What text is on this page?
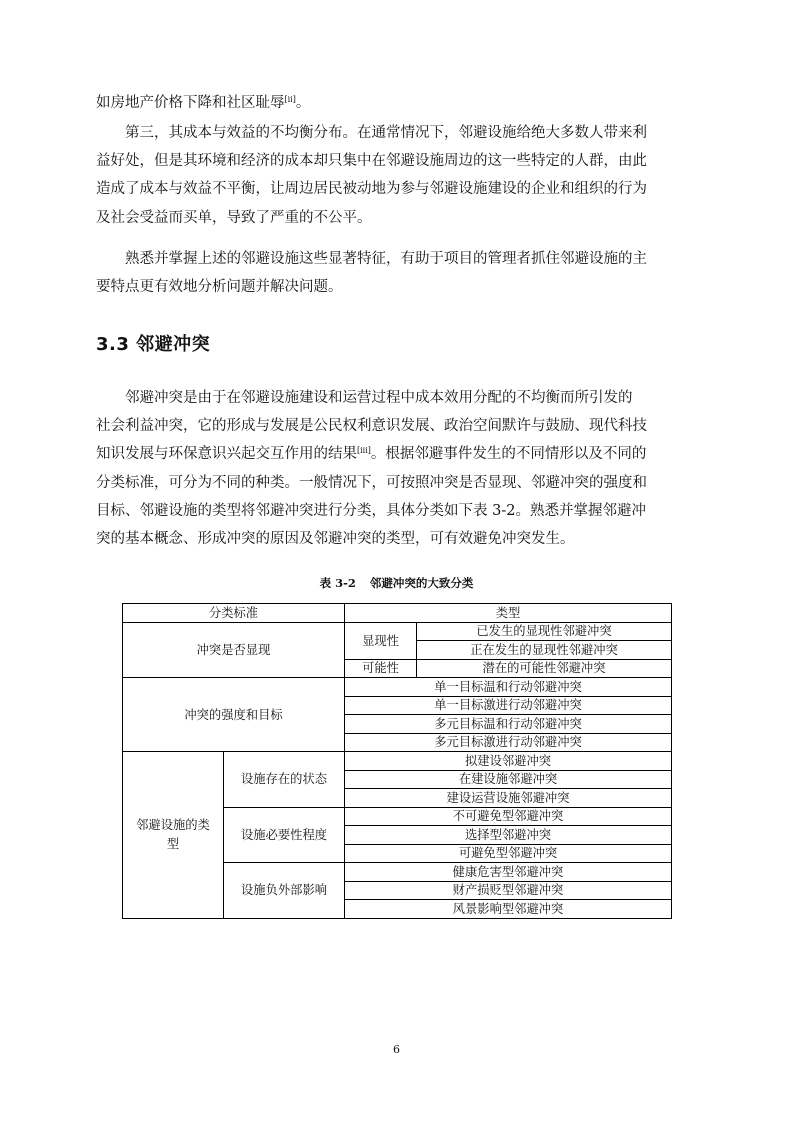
如房地产价格下降和社区耻辱[ii]。

第三，其成本与效益的不均衡分布。在通常情况下，邻避设施给绝大多数人带来利
益好处，但是其环境和经济的成本却只集中在邻避设施周边的这一些特定的人群，由此
造成了成本与效益不平衡，让周边居民被动地为参与邻避设施建设的企业和组织的行为
及社会受益而买单，导致了严重的不公平。

熟悉并掌握上述的邻避设施这些显著特征，有助于项目的管理者抓住邻避设施的主
要特点更有效地分析问题并解决问题。

3.3 邻避冲突

邻避冲突是由于在邻避设施建设和运营过程中成本效用分配的不均衡而所引发的
社会利益冲突，它的形成与发展是公民权利意识发展、政治空间默许与鼓励、现代科技
知识发展与环保意识兴起交互作用的结果[iii]。根据邻避事件发生的不同情形以及不同的
分类标准，可分为不同的种类。一般情况下，可按照冲突是否显现、邻避冲突的强度和
目标、邻避设施的类型将邻避冲突进行分类，具体分类如下表 3-2。熟悉并掌握邻避冲
突的基本概念、形成冲突的原因及邻避冲突的类型，可有效避免冲突发生。

表 3-2 邻避冲突的大致分类

分类标准		类型	
冲突是否显现		显现性	已发生的显现性邻避冲突
			正在发生的显现性邻避冲突
		可能性	潜在的可能性邻避冲突
冲突的强度和目标		单一目标温和行动邻避冲突	
		单一目标激进行动邻避冲突	
		多元目标温和行动邻避冲突	
		多元目标激进行动邻避冲突	
邻避设施的类型	设施存在的状态	拟建设邻避冲突	
		在建设施邻避冲突	
		建设运营设施邻避冲突	
	设施必要性程度	不可避免型邻避冲突	
		选择型邻避冲突	
		可避免型邻避冲突	
	设施负外部影响	健康危害型邻避冲突	
		财产损贬型邻避冲突	
		风景影响型邻避冲突	
6
